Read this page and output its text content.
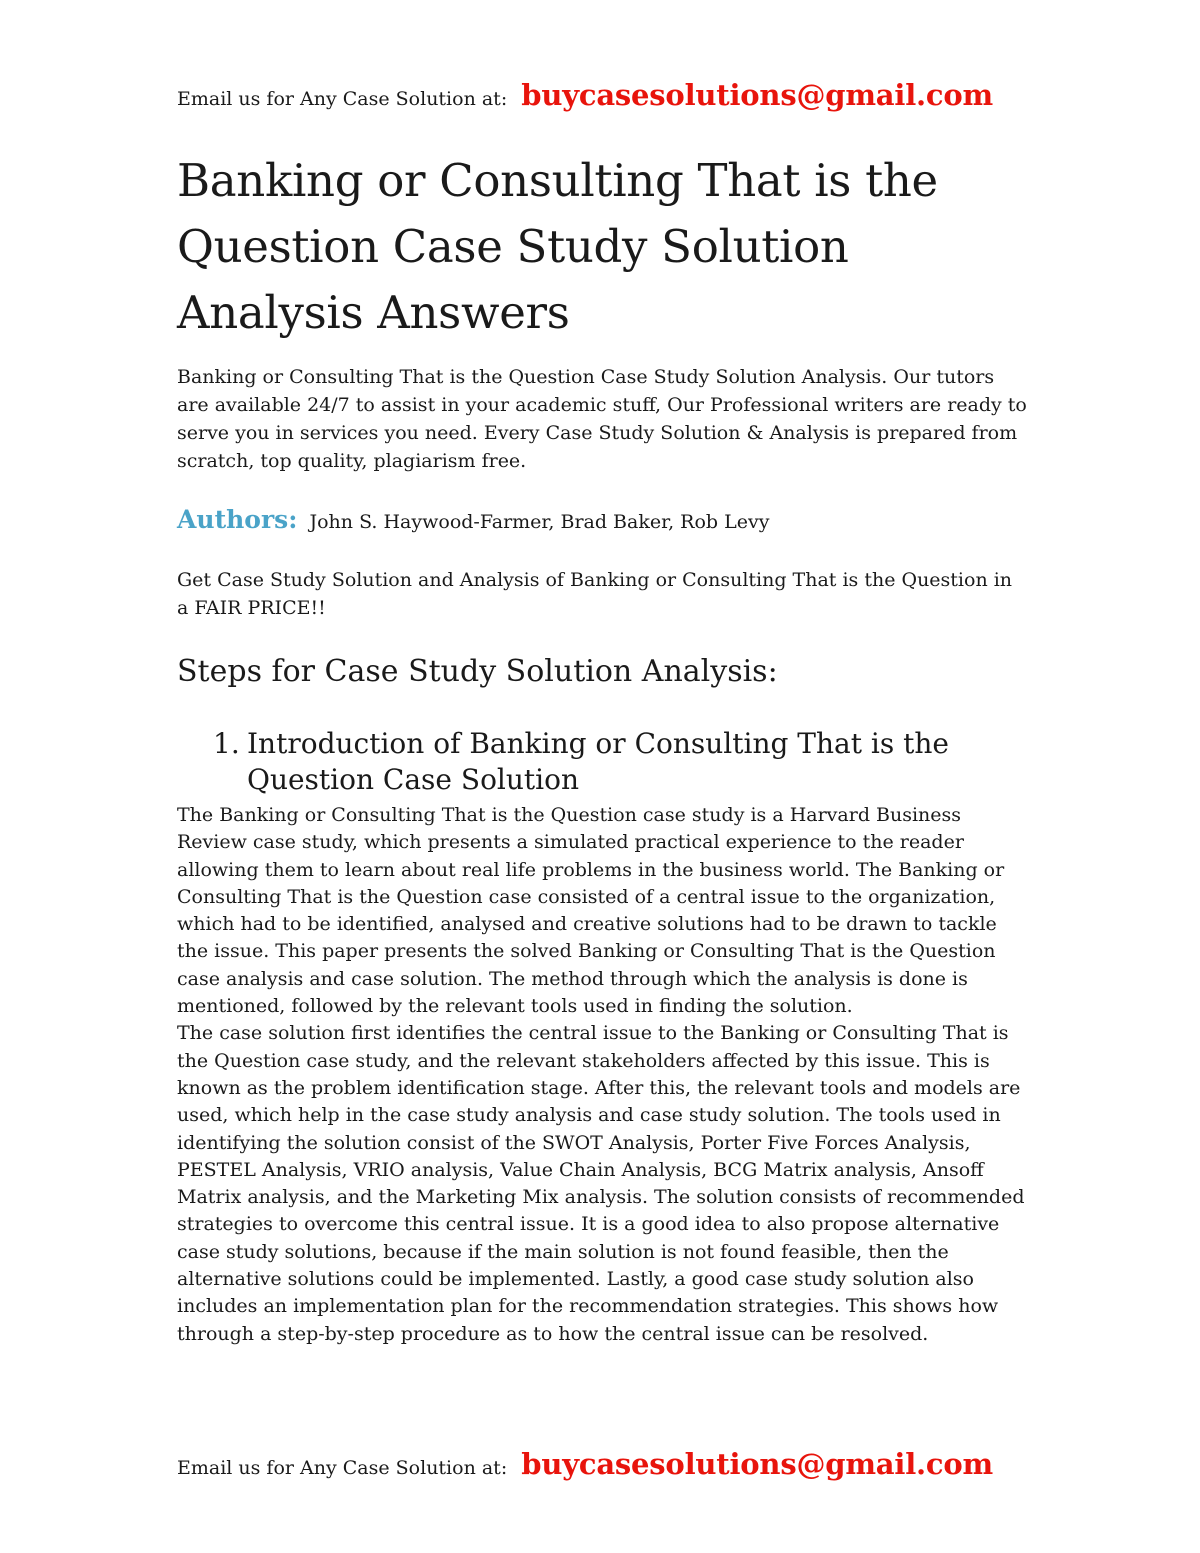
Email us for Any Case Solution at: buycasesolutions@gmail.com
Banking or Consulting That is the Question Case Study Solution Analysis Answers

Banking or Consulting That is the Question Case Study Solution Analysis. Our tutors are available 24/7 to assist in your academic stuff, Our Professional writers are ready to serve you in services you need. Every Case Study Solution & Analysis is prepared from scratch, top quality, plagiarism free.

Authors: John S. Haywood-Farmer, Brad Baker, Rob Levy

Get Case Study Solution and Analysis of Banking or Consulting That is the Question in a FAIR PRICE!!

Steps for Case Study Solution Analysis:
1. Introduction of Banking or Consulting That is the Question Case Solution

The Banking or Consulting That is the Question case study is a Harvard Business Review case study, which presents a simulated practical experience to the reader allowing them to learn about real life problems in the business world. The Banking or Consulting That is the Question case consisted of a central issue to the organization, which had to be identified, analysed and creative solutions had to be drawn to tackle the issue. This paper presents the solved Banking or Consulting That is the Question case analysis and case solution. The method through which the analysis is done is mentioned, followed by the relevant tools used in finding the solution.

The case solution first identifies the central issue to the Banking or Consulting That is the Question case study, and the relevant stakeholders affected by this issue. This is known as the problem identification stage. After this, the relevant tools and models are used, which help in the case study analysis and case study solution. The tools used in identifying the solution consist of the SWOT Analysis, Porter Five Forces Analysis, PESTEL Analysis, VRIO analysis, Value Chain Analysis, BCG Matrix analysis, Ansoff Matrix analysis, and the Marketing Mix analysis. The solution consists of recommended strategies to overcome this central issue. It is a good idea to also propose alternative case study solutions, because if the main solution is not found feasible, then the alternative solutions could be implemented. Lastly, a good case study solution also includes an implementation plan for the recommendation strategies. This shows how through a step-by-step procedure as to how the central issue can be resolved.

Email us for Any Case Solution at: buycasesolutions@gmail.com
